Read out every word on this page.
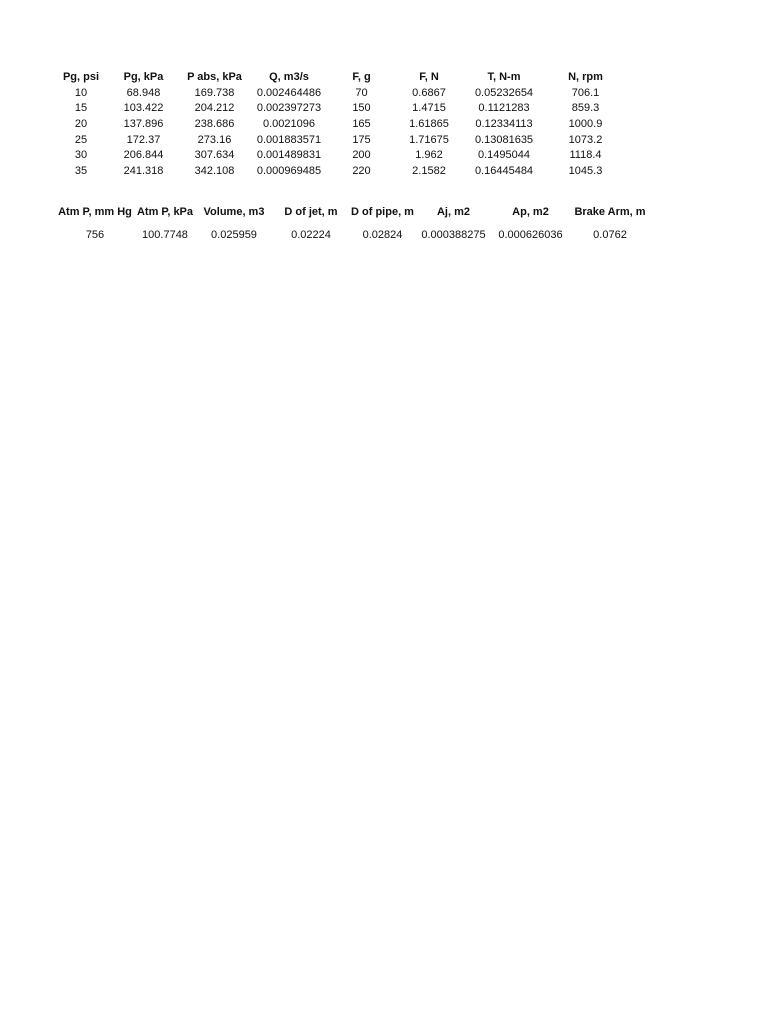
Pg, psi	Pg, kPa	P abs, kPa	Q, m3/s	F, g	F, N	T, N-m	N, rpm
10	68.948	169.738	0.002464486	70	0.6867	0.05232654	706.1
15	103.422	204.212	0.002397273	150	1.4715	0.1121283	859.3
20	137.896	238.686	0.0021096	165	1.61865	0.12334113	1000.9
25	172.37	273.16	0.001883571	175	1.71675	0.13081635	1073.2
30	206.844	307.634	0.001489831	200	1.962	0.1495044	1118.4
35	241.318	342.108	0.000969485	220	2.1582	0.16445484	1045.3
Atm P, mm Hg	Atm P, kPa	Volume, m3	D of jet, m	D of pipe, m	Aj, m2	Ap, m2	Brake Arm, m
756	100.7748	0.025959	0.02224	0.02824	0.000388275	0.000626036	0.0762
